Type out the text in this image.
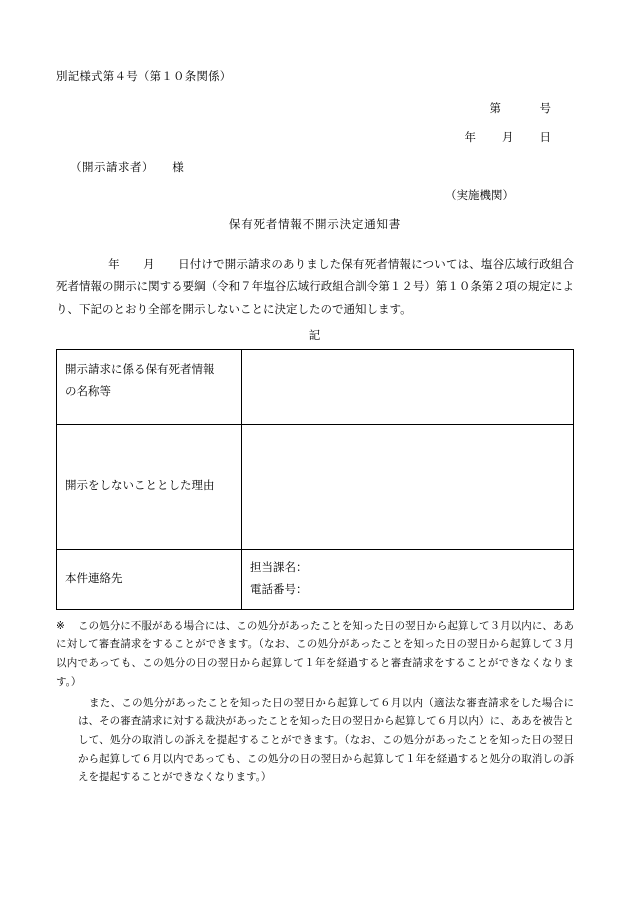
別記様式第４号（第１０条関係）
第　　　号
年　　月　　日
（開示請求者）　　様
（実施機関）
保有死者情報不開示決定通知書
年　　月　　日付けで開示請求のありました保有死者情報については、塩谷広域行政組合死者情報の開示に関する要綱（令和７年塩谷広域行政組合訓令第１２号）第１０条第２項の規定により、下記のとおり全部を開示しないことに決定したので通知します。
記
開示請求に係る保有死者情報
の名称等	

開示をしないこととした理由	
本件連絡先	担当課名：
電話番号：

※ この処分に不服がある場合には、この処分があったことを知った日の翌日から起算して３月以内に、ああに対して審査請求をすることができます。（なお、この処分があったことを知った日の翌日から起算して３月以内であっても、この処分の日の翌日から起算して１年を経過すると審査請求をすることができなくなります。）

また、この処分があったことを知った日の翌日から起算して６月以内（適法な審査請求をした場合には、その審査請求に対する裁決があったことを知った日の翌日から起算して６月以内）に、ああを被告として、処分の取消しの訴えを提起することができます。（なお、この処分があったことを知った日の翌日から起算して６月以内であっても、この処分の日の翌日から起算して１年を経過すると処分の取消しの訴えを提起することができなくなります。）
